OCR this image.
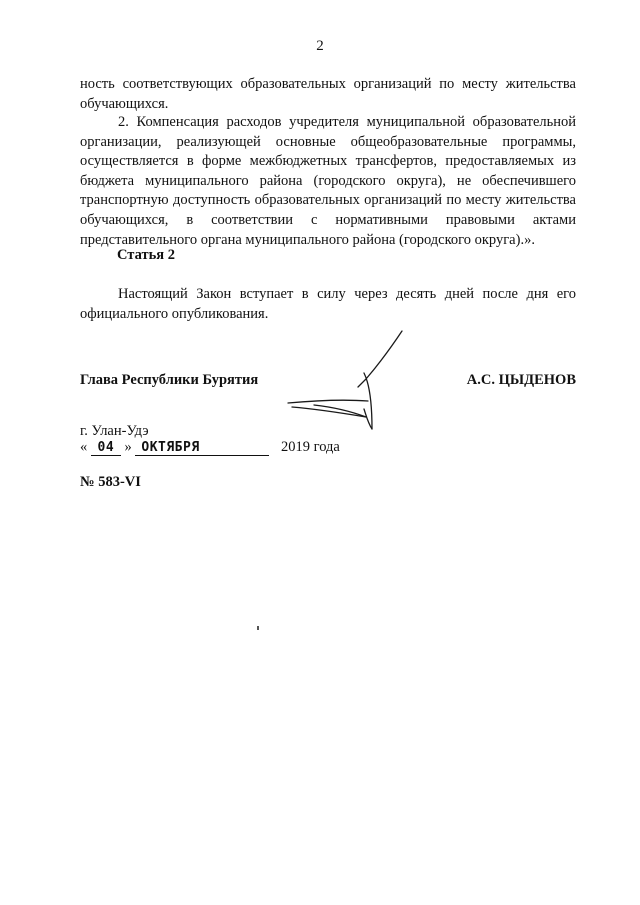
2

ность соответствующих образовательных организаций по месту жительства обучающихся.

2. Компенсация расходов учредителя муниципальной образовательной организации, реализующей основные общеобразовательные программы, осуществляется в форме межбюджетных трансфертов, предоставляемых из бюджета муниципального района (городского округа), не обеспечившего транспортную доступность образовательных организаций по месту жительства обучающихся, в соответствии с нормативными правовыми актами представительного органа муниципального района (городского округа).».

Статья 2

Настоящий Закон вступает в силу через десять дней после дня его официального опубликования.

Глава Республики Бурятия	А.С. ЦЫДЕНОВ
г. Улан-Удэ
« 04 » ОКТЯБРЯ	2019 года
№ 583-VI
